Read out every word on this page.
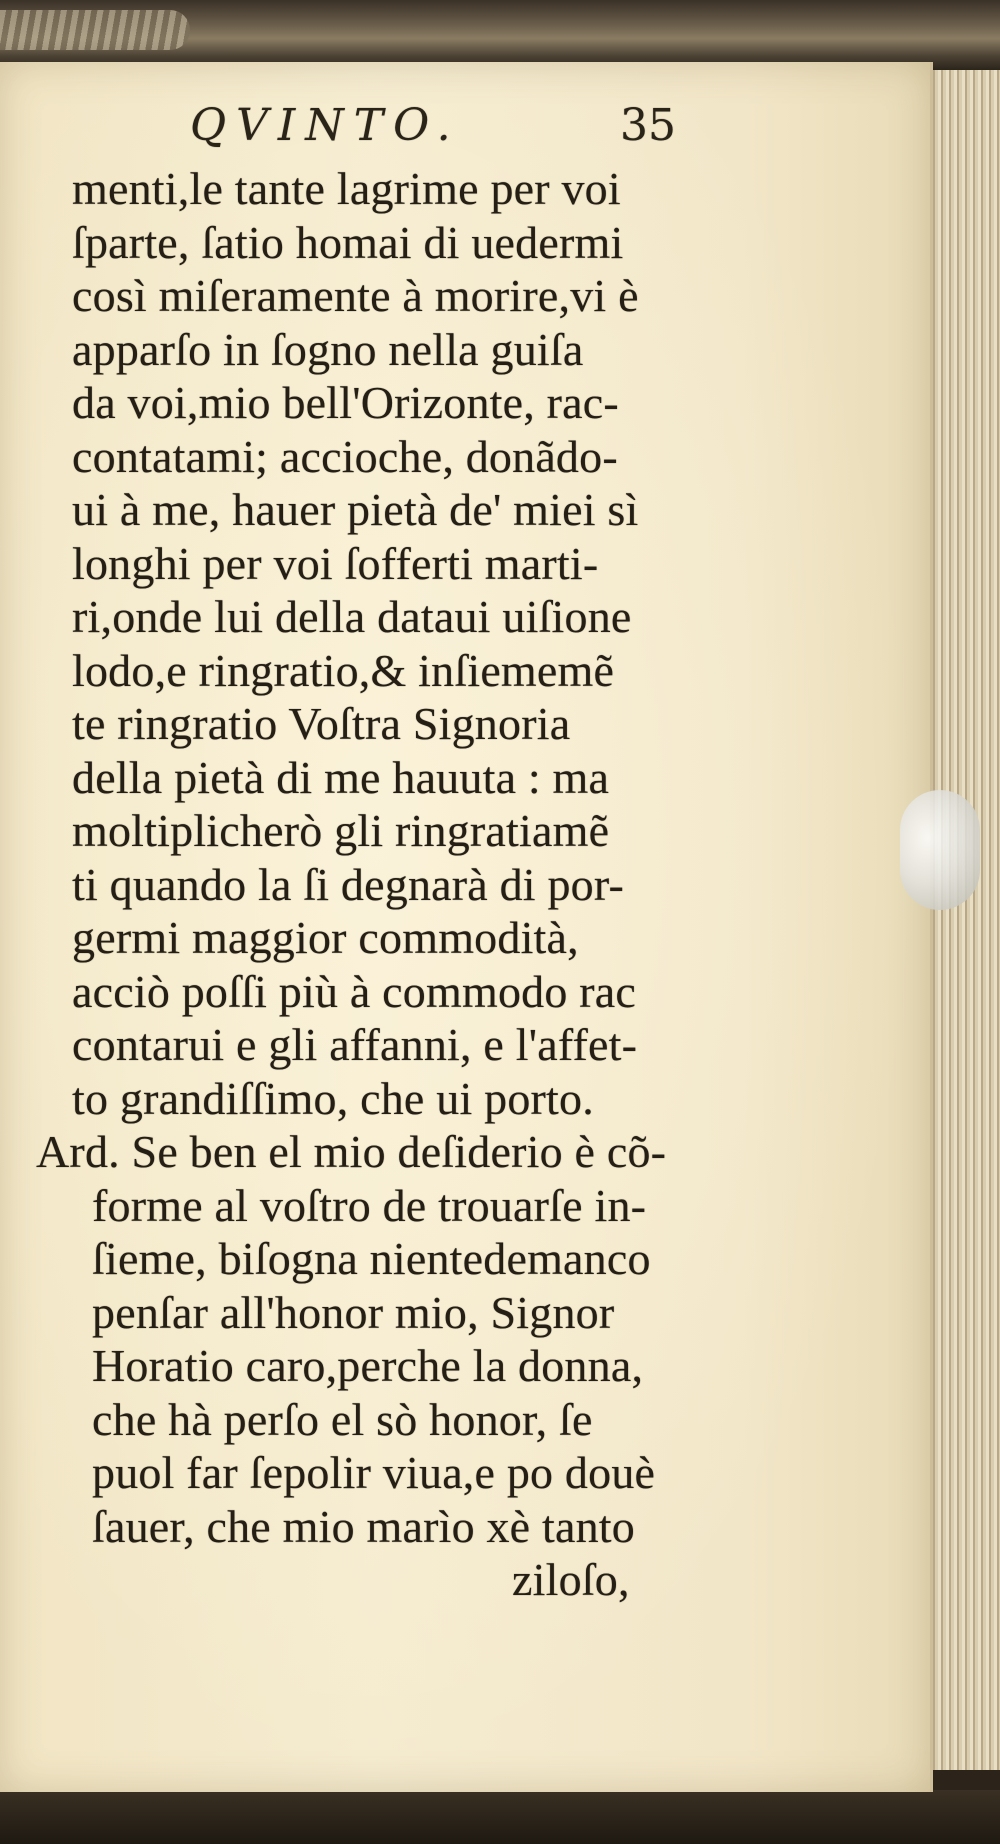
QVINTO.	35
menti,le tante lagrime per voi
ſparte, ſatio homai di uedermi
così miſeramente à morire,vi è
apparſo in ſogno nella guiſa
da voi,mio bell'Orizonte, rac-
contatami; accioche, donãdo-
ui à me, hauer pietà de' miei sì
longhi per voi ſofferti marti-
ri,onde lui della dataui uiſione
lodo,e ringratio,& inſiememẽ
te ringratio Voſtra Signoria
della pietà di me hauuta : ma
moltiplicherò gli ringratiamẽ
ti quando la ſi degnarà di por-
germi maggior commodità,
acciò poſſi più à commodo rac
contarui e gli affanni, e l'affet-
to grandiſſimo, che ui porto.
Ard. Se ben el mio deſiderio è cõ-
forme al voſtro de trouarſe in-
ſieme, biſogna nientedemanco
penſar all'honor mio, Signor
Horatio caro,perche la donna,
che hà perſo el sò honor, ſe
puol far ſepolir viua,e po douè
ſauer, che mio marìo xè tanto
ziloſo,
